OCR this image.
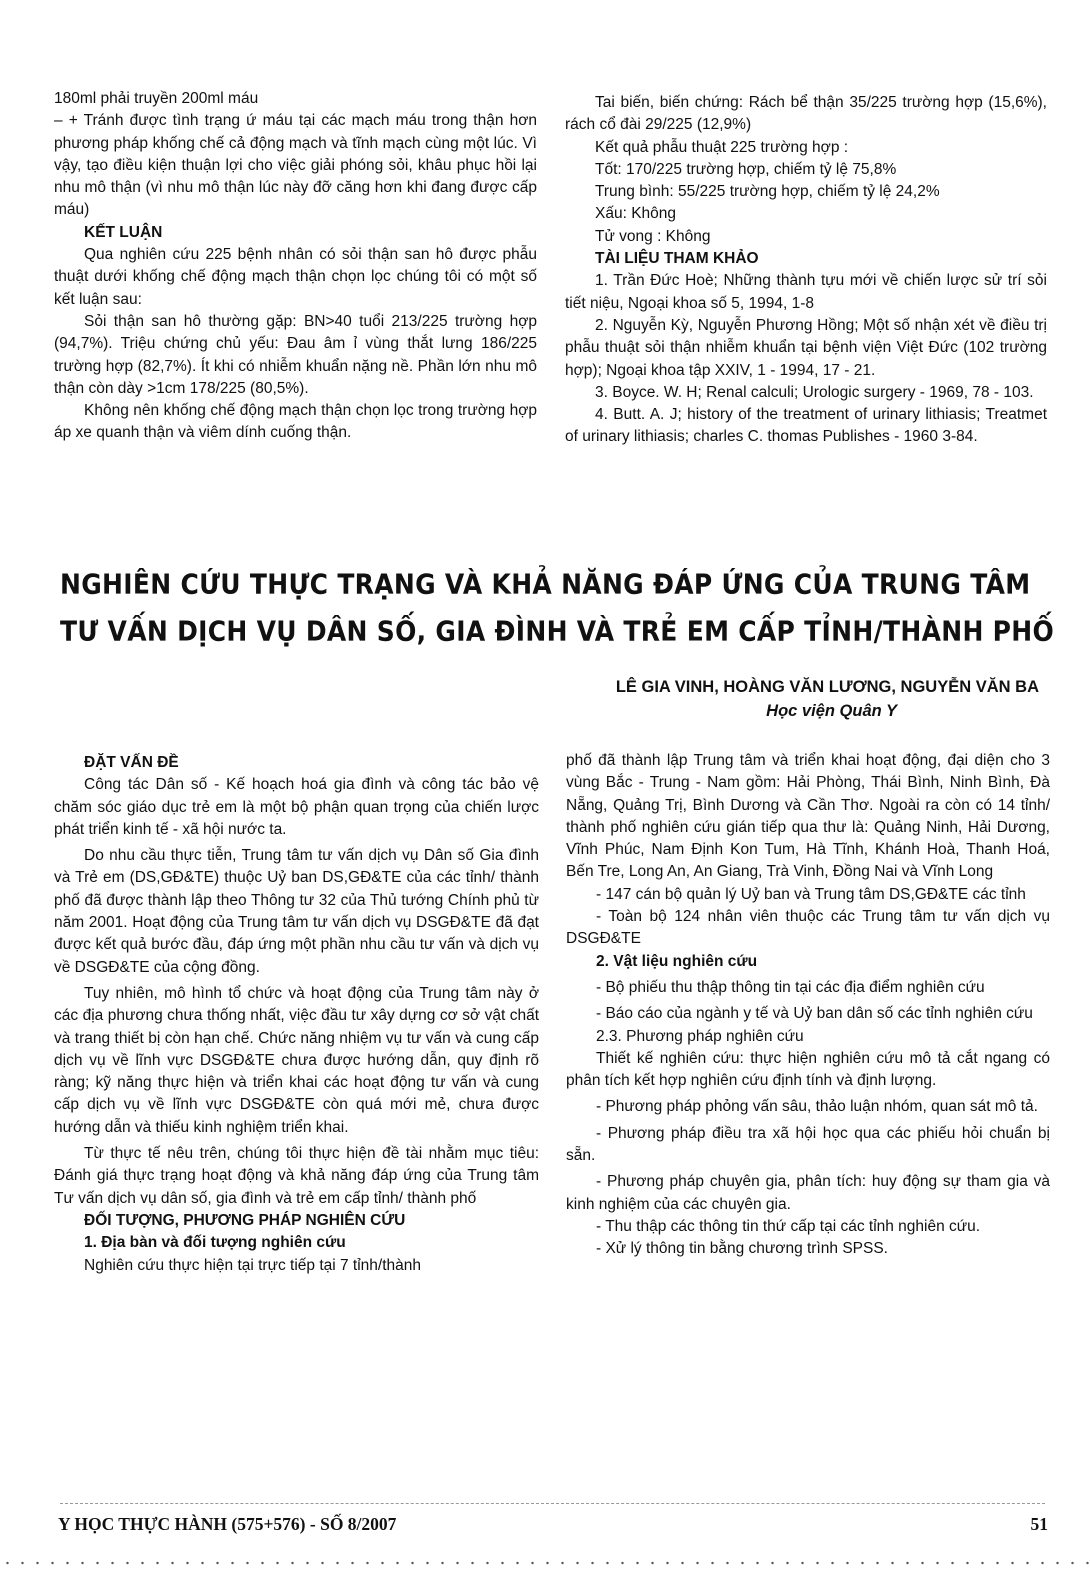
180ml phải truyền 200ml máu

– + Tránh được tình trạng ứ máu tại các mạch máu trong thận hơn phương pháp khống chế cả động mạch và tĩnh mạch cùng một lúc. Vì vậy, tạo điều kiện thuận lợi cho việc giải phóng sỏi, khâu phục hồi lại nhu mô thận (vì nhu mô thận lúc này đỡ căng hơn khi đang được cấp máu)

KẾT LUẬN

Qua nghiên cứu 225 bệnh nhân có sỏi thận san hô được phẫu thuật dưới khống chế động mạch thận chọn lọc chúng tôi có một số kết luận sau:

Sỏi thận san hô thường gặp: BN>40 tuổi 213/225 trường hợp (94,7%). Triệu chứng chủ yếu: Đau âm ỉ vùng thắt lưng 186/225 trường hợp (82,7%). Ít khi có nhiễm khuẩn nặng nề. Phần lớn nhu mô thận còn dày >1cm 178/225 (80,5%).

Không nên khống chế động mạch thận chọn lọc trong trường hợp áp xe quanh thận và viêm dính cuống thận.

Tai biến, biến chứng: Rách bể thận 35/225 trường hợp (15,6%), rách cổ đài 29/225 (12,9%)

Kết quả phẫu thuật 225 trường hợp :

Tốt: 170/225 trường hợp, chiếm tỷ lệ 75,8%

Trung bình: 55/225 trường hợp, chiếm tỷ lệ 24,2%

Xấu: Không

Tử vong : Không

TÀI LIỆU THAM KHẢO

1. Trần Đức Hoè; Những thành tựu mới về chiến lược sử trí sỏi tiết niệu, Ngoại khoa số 5, 1994, 1-8

2. Nguyễn Kỳ, Nguyễn Phương Hồng; Một số nhận xét về điều trị phẫu thuật sỏi thận nhiễm khuẩn tại bệnh viện Việt Đức (102 trường hợp); Ngoại khoa tập XXIV, 1 - 1994, 17 - 21.

3. Boyce. W. H; Renal calculi; Urologic surgery - 1969, 78 - 103.

4. Butt. A. J; history of the treatment of urinary lithiasis; Treatmet of urinary lithiasis; charles C. thomas Publishes - 1960 3-84.

NGHIÊN CỨU THỰC TRẠNG VÀ KHẢ NĂNG ĐÁP ỨNG CỦA TRUNG TÂM
TƯ VẤN DỊCH VỤ DÂN SỐ, GIA ĐÌNH VÀ TRẺ EM CẤP TỈNH/THÀNH PHỐ
LÊ GIA VINH, HOÀNG VĂN LƯƠNG, NGUYỄN VĂN BA
Học viện Quân Y

ĐẶT VẤN ĐỀ

Công tác Dân số - Kế hoạch hoá gia đình và công tác bảo vệ chăm sóc giáo dục trẻ em là một bộ phận quan trọng của chiến lược phát triển kinh tế - xã hội nước ta.

Do nhu cầu thực tiễn, Trung tâm tư vấn dịch vụ Dân số Gia đình và Trẻ em (DS,GĐ&TE) thuộc Uỷ ban DS,GĐ&TE của các tỉnh/ thành phố đã được thành lập theo Thông tư 32 của Thủ tướng Chính phủ từ năm 2001. Hoạt động của Trung tâm tư vấn dịch vụ DSGĐ&TE đã đạt được kết quả bước đầu, đáp ứng một phần nhu cầu tư vấn và dịch vụ về DSGĐ&TE của cộng đồng.

Tuy nhiên, mô hình tổ chức và hoạt động của Trung tâm này ở các địa phương chưa thống nhất, việc đầu tư xây dựng cơ sở vật chất và trang thiết bị còn hạn chế. Chức năng nhiệm vụ tư vấn và cung cấp dịch vụ về lĩnh vực DSGĐ&TE chưa được hướng dẫn, quy định rõ ràng; kỹ năng thực hiện và triển khai các hoạt động tư vấn và cung cấp dịch vụ về lĩnh vực DSGĐ&TE còn quá mới mẻ, chưa được hướng dẫn và thiếu kinh nghiệm triển khai.

Từ thực tế nêu trên, chúng tôi thực hiện đề tài nhằm mục tiêu: Đánh giá thực trạng hoạt động và khả năng đáp ứng của Trung tâm Tư vấn dịch vụ dân số, gia đình và trẻ em cấp tỉnh/ thành phố

ĐỐI TƯỢNG, PHƯƠNG PHÁP NGHIÊN CỨU

1. Địa bàn và đối tượng nghiên cứu

Nghiên cứu thực hiện tại trực tiếp tại 7 tỉnh/thành

phố đã thành lập Trung tâm và triển khai hoạt động, đại diện cho 3 vùng Bắc - Trung - Nam gồm: Hải Phòng, Thái Bình, Ninh Bình, Đà Nẵng, Quảng Trị, Bình Dương và Cần Thơ. Ngoài ra còn có 14 tỉnh/ thành phố nghiên cứu gián tiếp qua thư là: Quảng Ninh, Hải Dương, Vĩnh Phúc, Nam Định Kon Tum, Hà Tĩnh, Khánh Hoà, Thanh Hoá, Bến Tre, Long An, An Giang, Trà Vinh, Đồng Nai và Vĩnh Long

- 147 cán bộ quản lý Uỷ ban và Trung tâm DS,GĐ&TE các tỉnh

- Toàn bộ 124 nhân viên thuộc các Trung tâm tư vấn dịch vụ DSGĐ&TE

2. Vật liệu nghiên cứu

- Bộ phiếu thu thập thông tin tại các địa điểm nghiên cứu

- Báo cáo của ngành y tế và Uỷ ban dân số các tỉnh nghiên cứu

2.3. Phương pháp nghiên cứu

Thiết kế nghiên cứu: thực hiện nghiên cứu mô tả cắt ngang có phân tích kết hợp nghiên cứu định tính và định lượng.

- Phương pháp phỏng vấn sâu, thảo luận nhóm, quan sát mô tả.

- Phương pháp điều tra xã hội học qua các phiếu hỏi chuẩn bị sẵn.

- Phương pháp chuyên gia, phân tích: huy động sự tham gia và kinh nghiệm của các chuyên gia.

- Thu thập các thông tin thứ cấp tại các tỉnh nghiên cứu.

- Xử lý thông tin bằng chương trình SPSS.

Y HỌC THỰC HÀNH (575+576) - SỐ 8/2007	51
